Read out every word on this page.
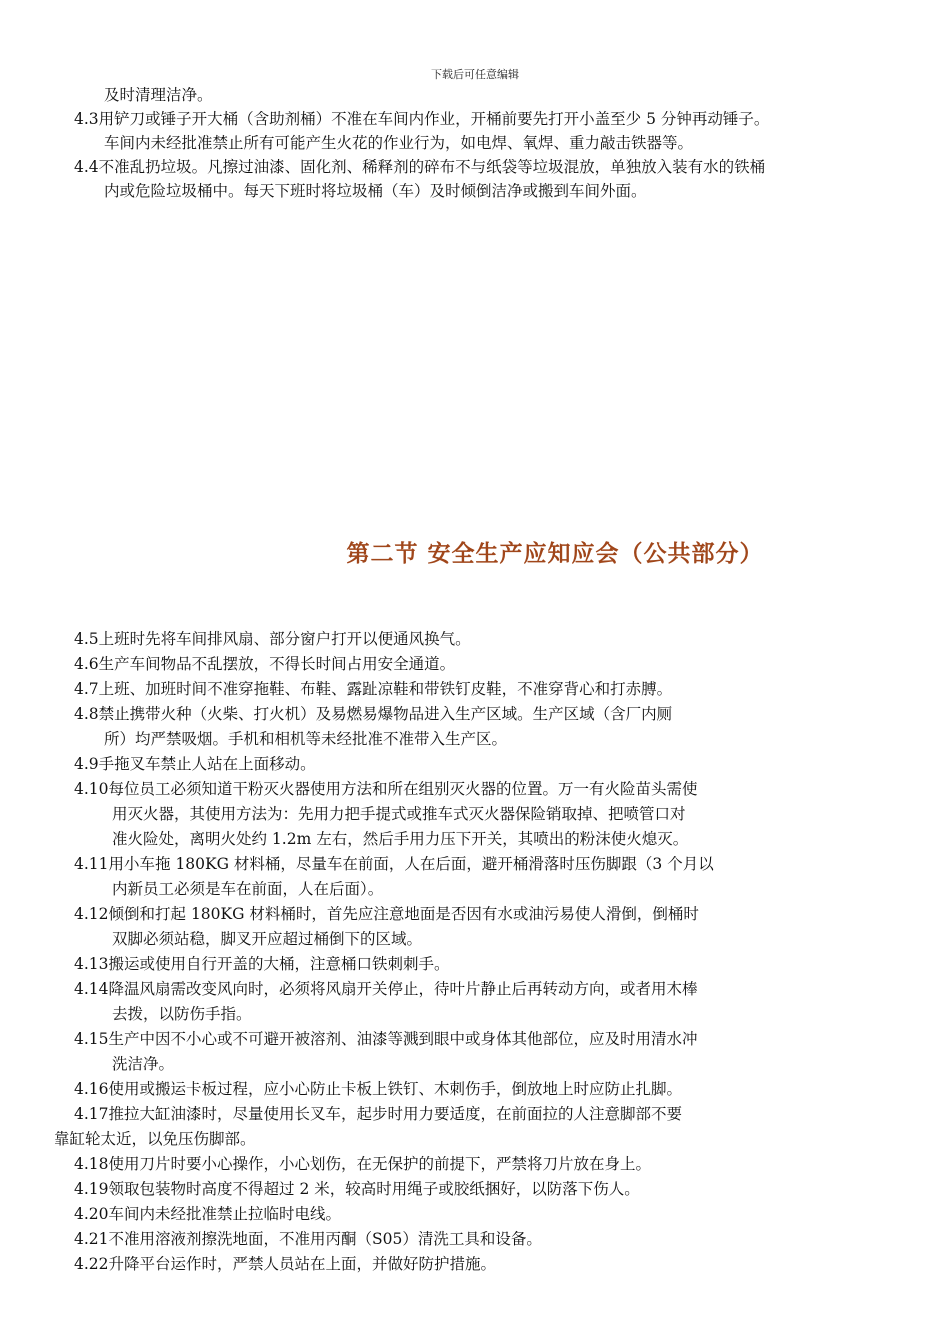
下载后可任意编辑
及时清理洁净。
4.3用铲刀或锤子开大桶（含助剂桶）不准在车间内作业，开桶前要先打开小盖至少 5 分钟再动锤子。
车间内未经批准禁止所有可能产生火花的作业行为，如电焊、氧焊、重力敲击铁器等。
4.4不准乱扔垃圾。凡擦过油漆、固化剂、稀释剂的碎布不与纸袋等垃圾混放，单独放入装有水的铁桶
内或危险垃圾桶中。每天下班时将垃圾桶（车）及时倾倒洁净或搬到车间外面。
第二节 安全生产应知应会（公共部分）
4.5上班时先将车间排风扇、部分窗户打开以便通风换气。
4.6生产车间物品不乱摆放，不得长时间占用安全通道。
4.7上班、加班时间不准穿拖鞋、布鞋、露趾凉鞋和带铁钉皮鞋，不准穿背心和打赤膊。
4.8禁止携带火种（火柴、打火机）及易燃易爆物品进入生产区域。生产区域（含厂内厕
所）均严禁吸烟。手机和相机等未经批准不准带入生产区。
4.9手拖叉车禁止人站在上面移动。
4.10每位员工必须知道干粉灭火器使用方法和所在组别灭火器的位置。万一有火险苗头需使
用灭火器，其使用方法为：先用力把手提式或推车式灭火器保险销取掉、把喷管口对
准火险处，离明火处约 1.2m 左右，然后手用力压下开关，其喷出的粉沫使火熄灭。
4.11用小车拖 180KG 材料桶，尽量车在前面，人在后面，避开桶滑落时压伤脚跟（3 个月以
内新员工必须是车在前面，人在后面）。
4.12倾倒和打起 180KG 材料桶时，首先应注意地面是否因有水或油污易使人滑倒，倒桶时
双脚必须站稳，脚叉开应超过桶倒下的区域。
4.13搬运或使用自行开盖的大桶，注意桶口铁刺刺手。
4.14降温风扇需改变风向时，必须将风扇开关停止，待叶片静止后再转动方向，或者用木棒
去拨，以防伤手指。
4.15生产中因不小心或不可避开被溶剂、油漆等溅到眼中或身体其他部位，应及时用清水冲
洗洁净。
4.16使用或搬运卡板过程，应小心防止卡板上铁钉、木刺伤手，倒放地上时应防止扎脚。
4.17推拉大缸油漆时，尽量使用长叉车，起步时用力要适度，在前面拉的人注意脚部不要
靠缸轮太近，以免压伤脚部。
4.18使用刀片时要小心操作，小心划伤，在无保护的前提下，严禁将刀片放在身上。
4.19领取包装物时高度不得超过 2 米，较高时用绳子或胶纸捆好，以防落下伤人。
4.20车间内未经批准禁止拉临时电线。
4.21不准用溶液剂擦洗地面，不准用丙酮（S05）清洗工具和设备。
4.22升降平台运作时，严禁人员站在上面，并做好防护措施。
